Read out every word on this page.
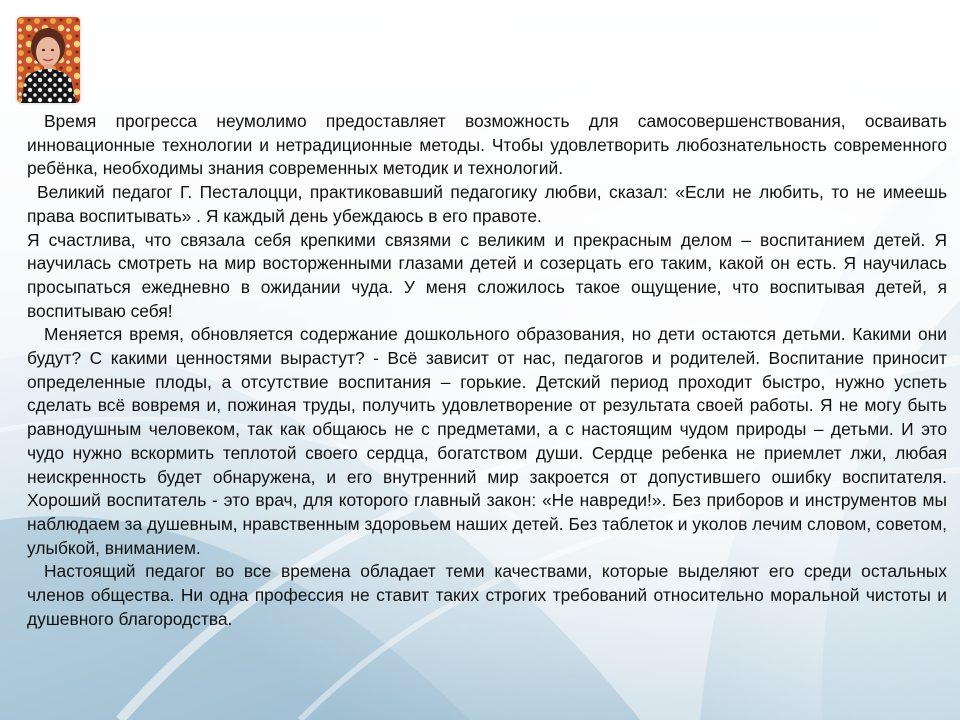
Время прогресса неумолимо предоставляет возможность для самосовершенствования, осваивать инновационные технологии и нетрадиционные методы. Чтобы удовлетворить любознательность современного ребёнка, необходимы знания современных методик и технологий.

Великий педагог Г. Песталоцци, практиковавший педагогику любви, сказал: «Если не любить, то не имеешь права воспитывать» . Я каждый день убеждаюсь в его правоте.

Я счастлива, что связала себя крепкими связями с великим и прекрасным делом – воспитанием детей. Я научилась смотреть на мир восторженными глазами детей и созерцать его таким, какой он есть. Я научилась просыпаться ежедневно в ожидании чуда. У меня сложилось такое ощущение, что воспитывая детей, я воспитываю себя!

Меняется время, обновляется содержание дошкольного образования, но дети остаются детьми. Какими они будут? С какими ценностями вырастут? - Всё зависит от нас, педагогов и родителей. Воспитание приносит определенные плоды, а отсутствие воспитания – горькие. Детский период проходит быстро, нужно успеть сделать всё вовремя и, пожиная труды, получить удовлетворение от результата своей работы. Я не могу быть равнодушным человеком, так как общаюсь не с предметами, а с настоящим чудом природы – детьми. И это чудо нужно вскормить теплотой своего сердца, богатством души. Сердце ребенка не приемлет лжи, любая неискренность будет обнаружена, и его внутренний мир закроется от допустившего ошибку воспитателя. Хороший воспитатель - это врач, для которого главный закон: «Не навреди!». Без приборов и инструментов мы наблюдаем за душевным, нравственным здоровьем наших детей. Без таблеток и уколов лечим словом, советом, улыбкой, вниманием.

Настоящий педагог во все времена обладает теми качествами, которые выделяют его среди остальных членов общества. Ни одна профессия не ставит таких строгих требований относительно моральной чистоты и душевного благородства.
